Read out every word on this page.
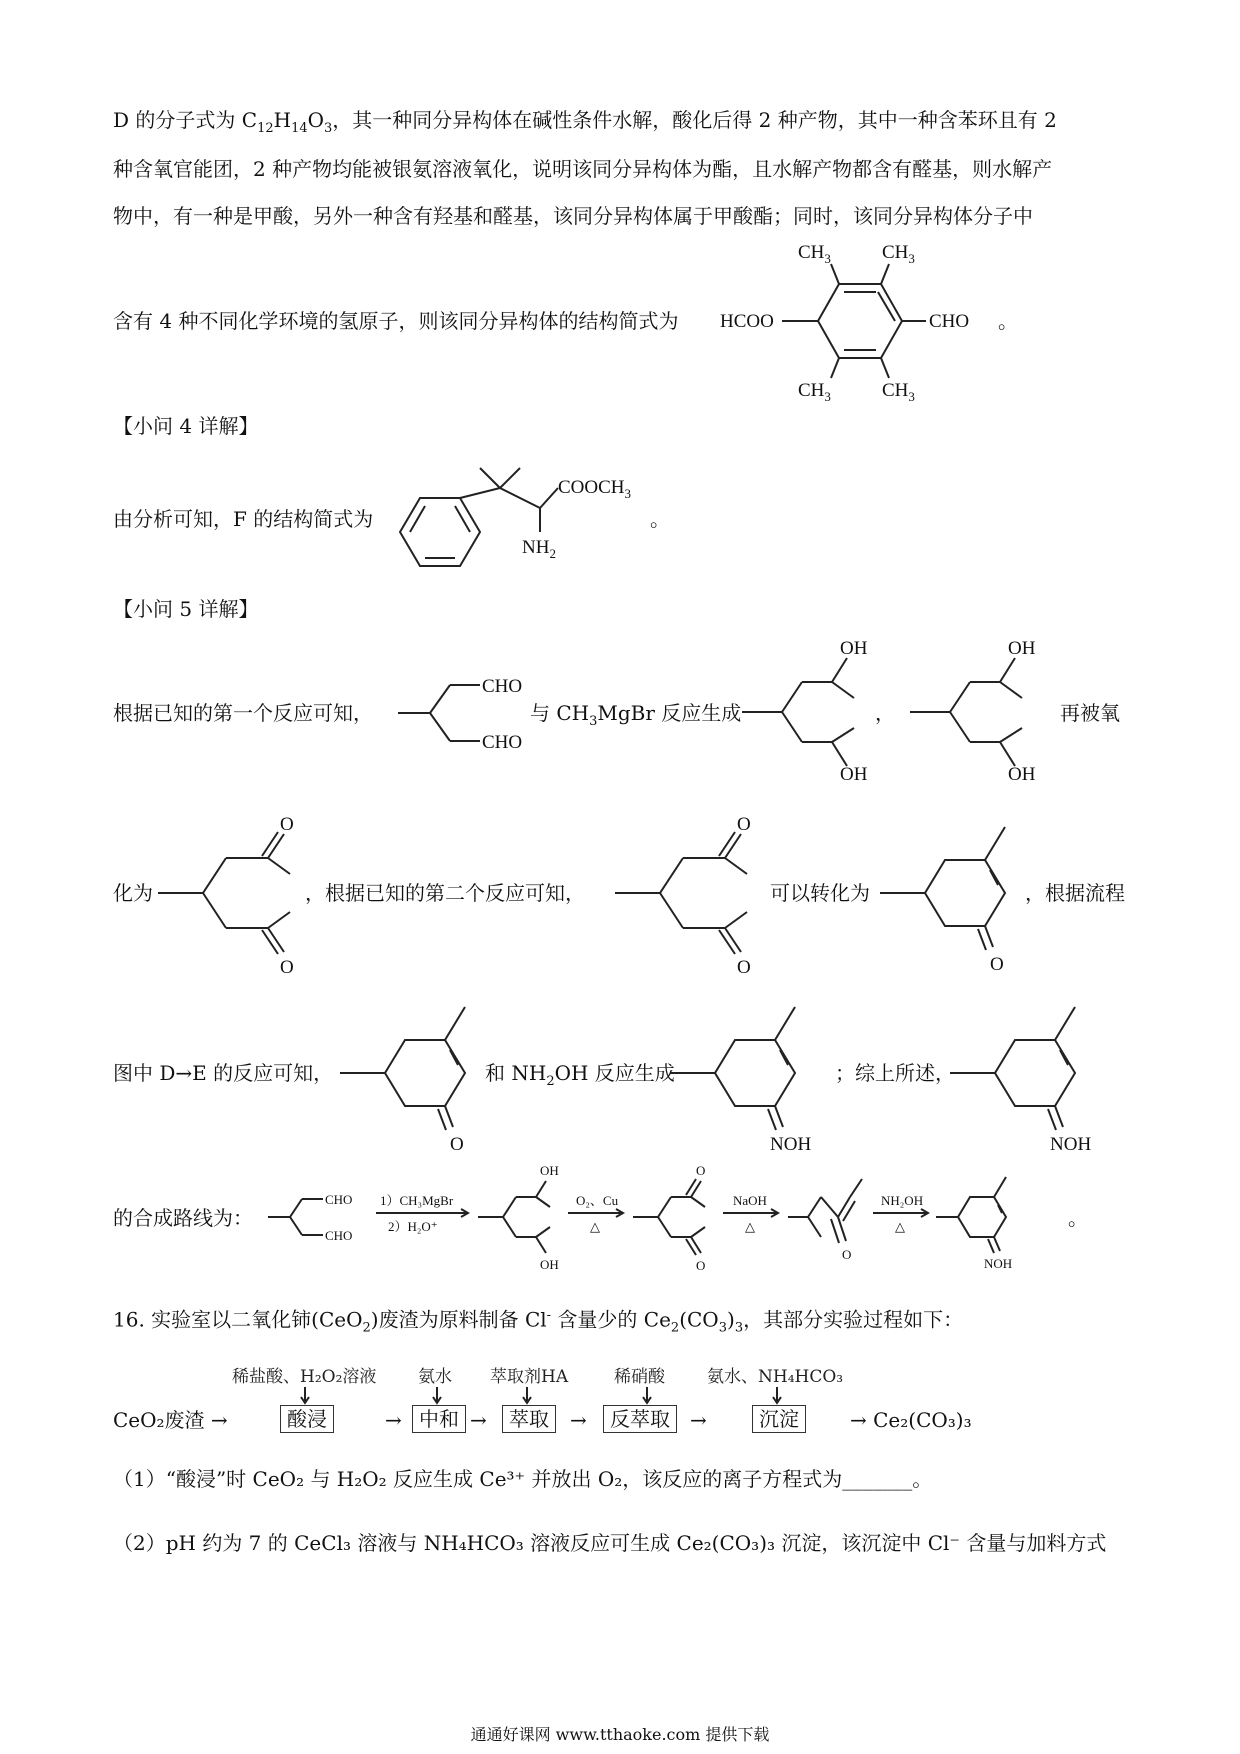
D 的分子式为 $C_{12}H_{14}O_3$，其一种同分异构体在碱性条件水解，酸化后得 2 种产物，其中一种含苯环且有 2
种含氧官能团，2 种产物均能被银氨溶液氧化，说明该同分异构体为酯，且水解产物都含有醛基，则水解产
物中，有一种是甲酸，另外一种含有羟基和醛基，该同分异构体属于甲酸酯；同时，该同分异构体分子中
含有 4 种不同化学环境的氢原子，则该同分异构体的结构简式为 HCOO	CHO
$CH_3$	$CH_3$
$CH_3$	$CH_3$
。
【小问 4 详解】
由分析可知，F 的结构简式为
$COOCH_3$
$NH_2$
。
【小问 5 详解】
根据已知的第一个反应可知，
CHO
CHO
与 $CH_3MgBr$ 反应生成
OH
OH
，
OH
OH
再被氧
化为
O
O
，根据已知的第二个反应可知，
O
O
可以转化为
O
，根据流程
图中 D→E 的反应可知，
O
和 $NH_2OH$ 反应生成
NOH
；综上所述，
NOH
的合成路线为：
CHO
CHO
1）CH₃MgBr
2）H₂O⁺
OH
OH
O₂、Cu
△
O
O
NaOH
△
O
NH₂OH
△
NOH
。
16. 实验室以二氧化铈(CeO$_2$)废渣为原料制备 Cl- 含量少的 $Ce_2(CO_3)_3$，其部分实验过程如下：
稀盐酸、H₂O₂溶液 氨水 萃取剂HA	稀硝酸 氨水、NH₄HCO₃
CeO₂废渣 →	酸浸	→ 中和 →	萃取	→	反萃取	→	沉淀	→ Ce₂(CO₃)₃
（1）“酸浸”时 CeO₂ 与 H₂O₂ 反应生成 Ce³⁺ 并放出 O₂，该反应的离子方程式为_______。
（2）pH 约为 7 的 CeCl₃ 溶液与 NH₄HCO₃ 溶液反应可生成 Ce₂(CO₃)₃ 沉淀，该沉淀中 Cl⁻ 含量与加料方式
通通好课网 www.tthaoke.com 提供下载
